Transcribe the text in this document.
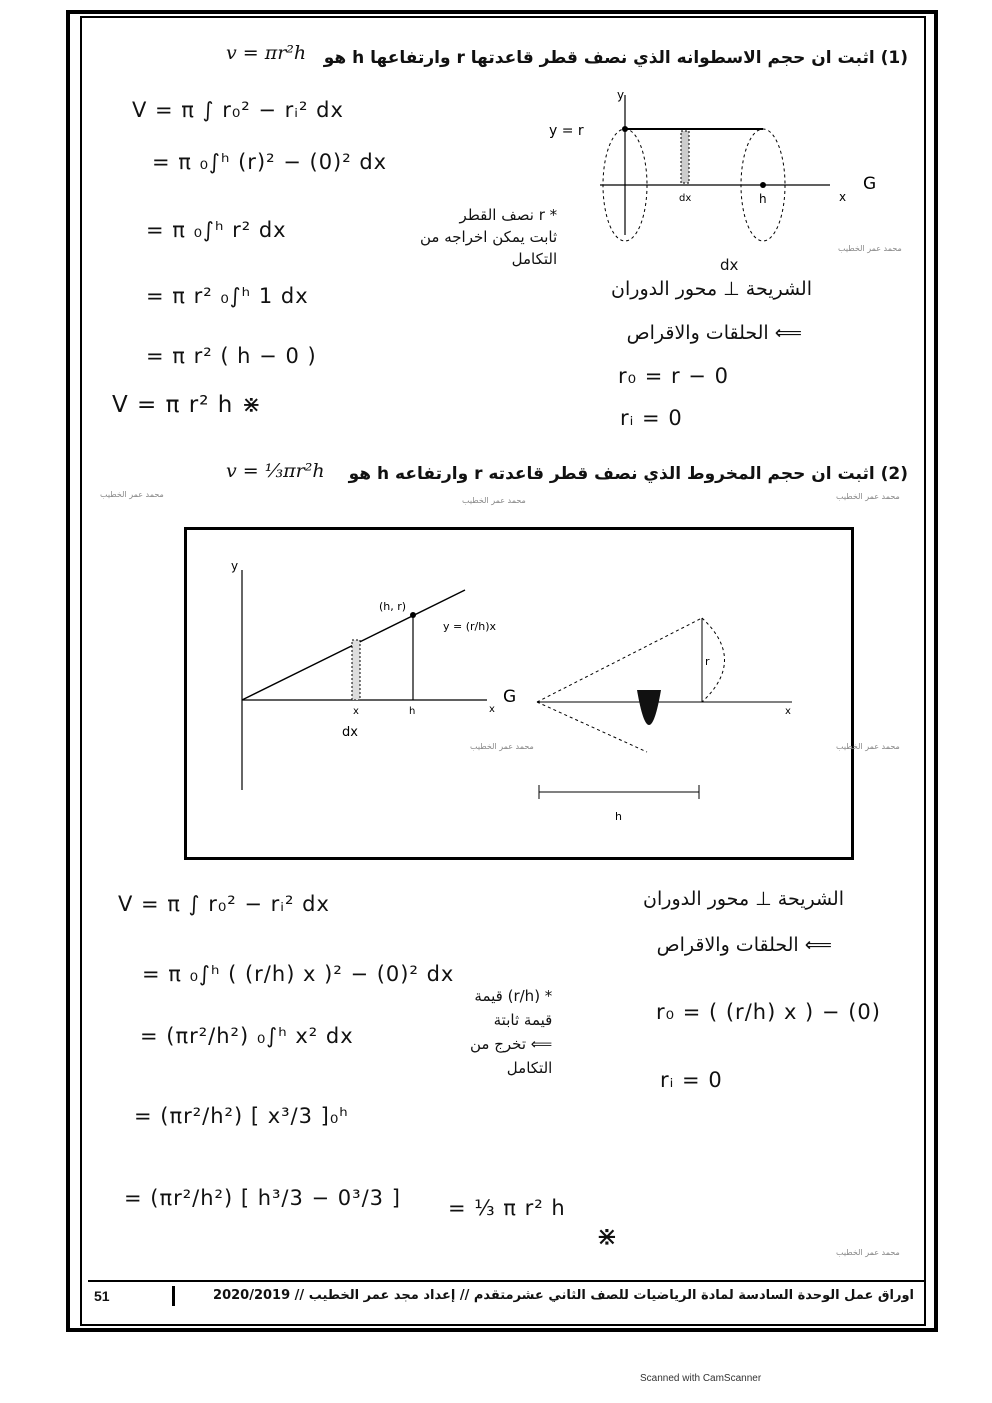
(1) اثبت ان حجم الاسطوانه الذي نصف قطر قاعدتها r وارتفاعها h هو
v = πr²h
V = π ∫ r₀² − rᵢ² dx
= π ₀∫ʰ (r)² − (0)² dx
= π ₀∫ʰ r² dx
= π r² ₀∫ʰ 1 dx
= π r² ( h − 0 )
V = π r² h ⋇
* r نصف القطر
ثابت يمكن اخراجه من
التكامل
y = r
y
dx	h	x
G
dx
الشريحة ⊥ محور الدوران
⟸ الحلقات والاقراص
r₀ = r − 0
rᵢ = 0
(2) اثبت ان حجم المخروط الذي نصف قطر قاعدته r وارتفاعه h هو
v = ⅓πr²h
y
(h, r)
y = (r/h)x
x	h
dx
x
G
r
x
h
V = π ∫ r₀² − rᵢ² dx
= π ₀∫ʰ ( (r/h) x )² − (0)² dx
= (πr²/h²) ₀∫ʰ x² dx
= (πr²/h²) [ x³/3 ]₀ʰ
= (πr²/h²) [ h³/3 − 0³/3 ] = ⅓ π r² h
⋇
الشريحة ⊥ محور الدوران
⟸ الحلقات والاقراص
* (r/h) قيمة
قيمة ثابتة
⟸ تخرج من
التكامل
r₀ = ( (r/h) x ) − (0)
rᵢ = 0
محمد عمر الخطيب
محمد عمر الخطيب
محمد عمر الخطيب	محمد عمر الخطيب
محمد عمر الخطيب	محمد عمر الخطيب
محمد عمر الخطيب
51	اوراق عمل الوحدة السادسة لمادة الرياضيات للصف الثاني عشرمتقدم // إعداد مجد عمر الخطيب // 2020/2019
Scanned with CamScanner
